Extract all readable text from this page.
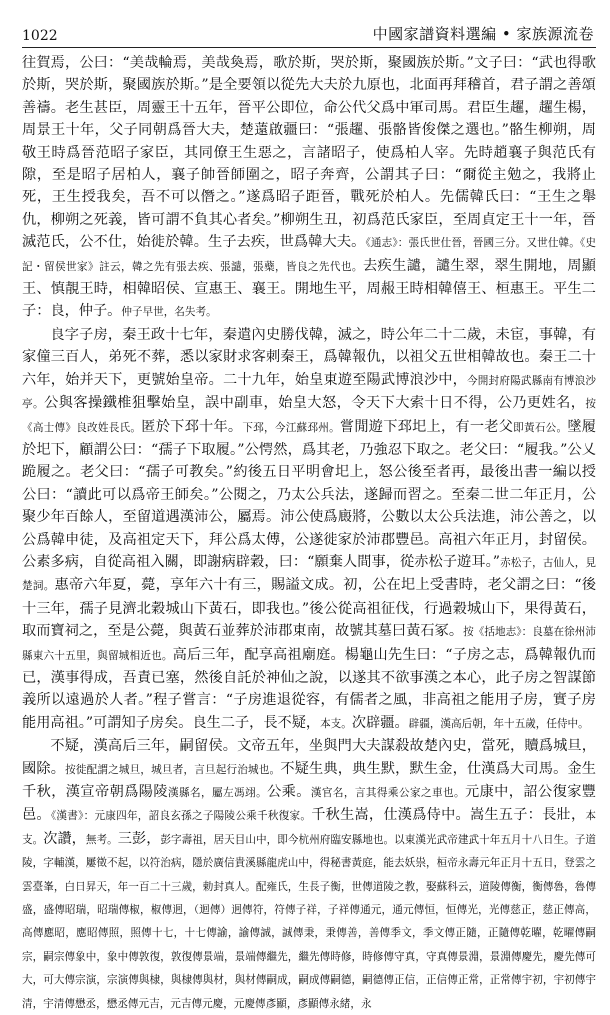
1022	中國家譜資料選編 • 家族源流卷

往賀焉，公曰：“美哉輪焉，美哉奐焉，歌於斯，哭於斯，聚國族於斯。”文子曰：“武也得歌於斯，哭於斯，聚國族於斯。”是全要領以從先大夫於九原也，北面再拜稽首，君子謂之善頌善禱。老生甚臣，周靈王十五年，晉平公即位，命公代父爲中軍司馬。君臣生趯，趯生楊，周景王十年，父子同朝爲晉大夫，楚薳啟疆曰：“張趯、張骼皆俊傑之選也。”骼生柳朔，周敬王時爲晉范昭子家臣，其同僚王生惡之，言諸昭子，使爲柏人宰。先時趙襄子與范氏有隙，至是昭子居柏人，襄子帥晉師圍之，昭子奔齊，公謂其子曰：“爾從主勉之，我將止死，王生授我矣，吾不可以僭之。”遂爲昭子距晉，戰死於柏人。先儒韓氏曰：“王生之舉仇，柳朔之死義，皆可謂不負其心者矣。”柳朔生丑，初爲范氏家臣，至周貞定王十一年，晉滅范氏，公不仕，始徙於韓。生子去疾，世爲韓大夫。《通志》：張氏世仕晉，晉國三分。又世仕韓。《史記・留侯世家》註云，韓之先有張去疾、張譴，張蘗，皆良之先代也。去疾生譴，譴生翠，翠生開地，周顯王、慎靚王時，相韓昭侯、宣惠王、襄王。開地生平，周赧王時相韓僖王、桓惠王。平生二子：良，仲子。仲子早世，名失考。

良字子房，秦王政十七年，秦遣內史勝伐韓，滅之，時公年二十二歲，未宦，事韓，有家僮三百人，弟死不葬，悉以家財求客刺秦王，爲韓報仇，以祖父五世相韓故也。秦王二十六年，始并天下，更號始皇帝。二十九年，始皇東遊至陽武博浪沙中，今開封府陽武縣南有博浪沙亭。公與客操鐵椎狙擊始皇，誤中副車，始皇大怒，令天下大索十日不得，公乃更姓名，按《高士傳》良改姓長氏。匿於下邳十年。下邳，今江蘇邳州。嘗閒遊下邳圯上，有一老父即黃石公。墜履於圯下，顧謂公曰：“孺子下取履。”公愕然，爲其老，乃強忍下取之。老父曰：“履我。”公乂跪履之。老父曰：“孺子可教矣。”約後五日平明會圯上，怒公後至者再，最後出書一編以授公曰：“讀此可以爲帝王師矣。”公閱之，乃太公兵法，遂歸而習之。至秦二世二年正月，公聚少年百餘人，至留道遇漢沛公，屬焉。沛公使爲廄將，公數以太公兵法進，沛公善之，以公爲韓申徒，及高祖定天下，拜公爲太傅，公遂徙家於沛郡豐邑。高祖六年正月，封留侯。公素多病，自從高祖入關，即謝病辟穀，曰：“願棄人間事，從赤松子遊耳。”赤松子，古仙人，見楚詞。惠帝六年夏，薨，享年六十有三，賜謚文成。初，公在圯上受書時，老父謂之曰：“後十三年，孺子見濟北穀城山下黃石，即我也。”後公從高祖征伐，行過穀城山下，果得黃石，取而寶祠之，至是公薨，與黃石並葬於沛郡東南，故號其墓曰黃石冢。按《括地志》：良墓在徐州沛縣東六十五里，與留城相近也。高后三年，配享高祖廟庭。楊龜山先生曰：“子房之志，爲韓報仇而已，漢事得成，吾責已塞，然後自託於神仙之說，以遂其不欲事漢之本心，此子房之智謀節義所以遠過於人者。”程子嘗言：“子房進退從容，有儒者之風，非高祖之能用子房，實子房能用高祖。”可謂知子房矣。良生二子，長不疑，本支。次辟疆。辟疆，漢高后朝，年十五歲，任侍中。

不疑，漢高后三年，嗣留侯。文帝五年，坐與門大夫謀殺故楚內史，當死，贖爲城旦，國除。按徙配謂之城旦，城旦者，言旦起行治城也。不疑生典，典生默，默生金，仕漢爲大司馬。金生千秋，漢宣帝朝爲陽陵漢縣名，屬左馮翊。公乘。漢官名，言其得乘公家之車也。元康中，詔公復家豐邑。《漢書》：元康四年，詔良玄孫之子陽陵公乘千秋復家。千秋生嵩，仕漢爲侍中。嵩生五子：長壯，本支。次讚，無考。三彭，彭字壽祖，居天目山中，即今杭州府臨安縣地也。以東漢光武帝建武十年五月十八日生。子道陵，字輔漢，屢徵不起，以符治病，隱於廣信貴溪縣龍虎山中，得秘書黃庭，能去妖祟，桓帝永壽元年正月十五日，登雲之雲臺峯，白日昇天，年一百二十三歲，勅封真人。配雍氏，生長子衡，世傳道陵之教，娶蘇科云，道陵傳衡，衡傳魯，魯傳盛，盛傳昭瑞，昭瑞傳椒，椒傳迥，（迴傳）迥傳符，符傳子祥，子祥傳通元，通元傳恒，恒傳光，光傳慈正，慈正傳高，高傳應昭，應昭傳照，照傳十七，十七傳諭，諭傳誠，誠傳秉，秉傳善，善傳季文，季文傳正隨，正隨傳乾曜，乾曜傳嗣宗，嗣宗傳象中，象中傳敦復，敦復傳景端，景端傳繼先，繼先傳時修，時修傳守真，守真傳景淵，景淵傳慶先，慶先傳可大，可大傳宗演，宗演傳與棣，與棣傳與材，與材傳嗣成，嗣成傳嗣德，嗣德傳正信，正信傳正常，正常傳宇初，宇初傳宇清，宇清傳懋丞，懋丞傳元吉，元吉傳元慶，元慶傳彥顯，彥顯傳永緒，永
